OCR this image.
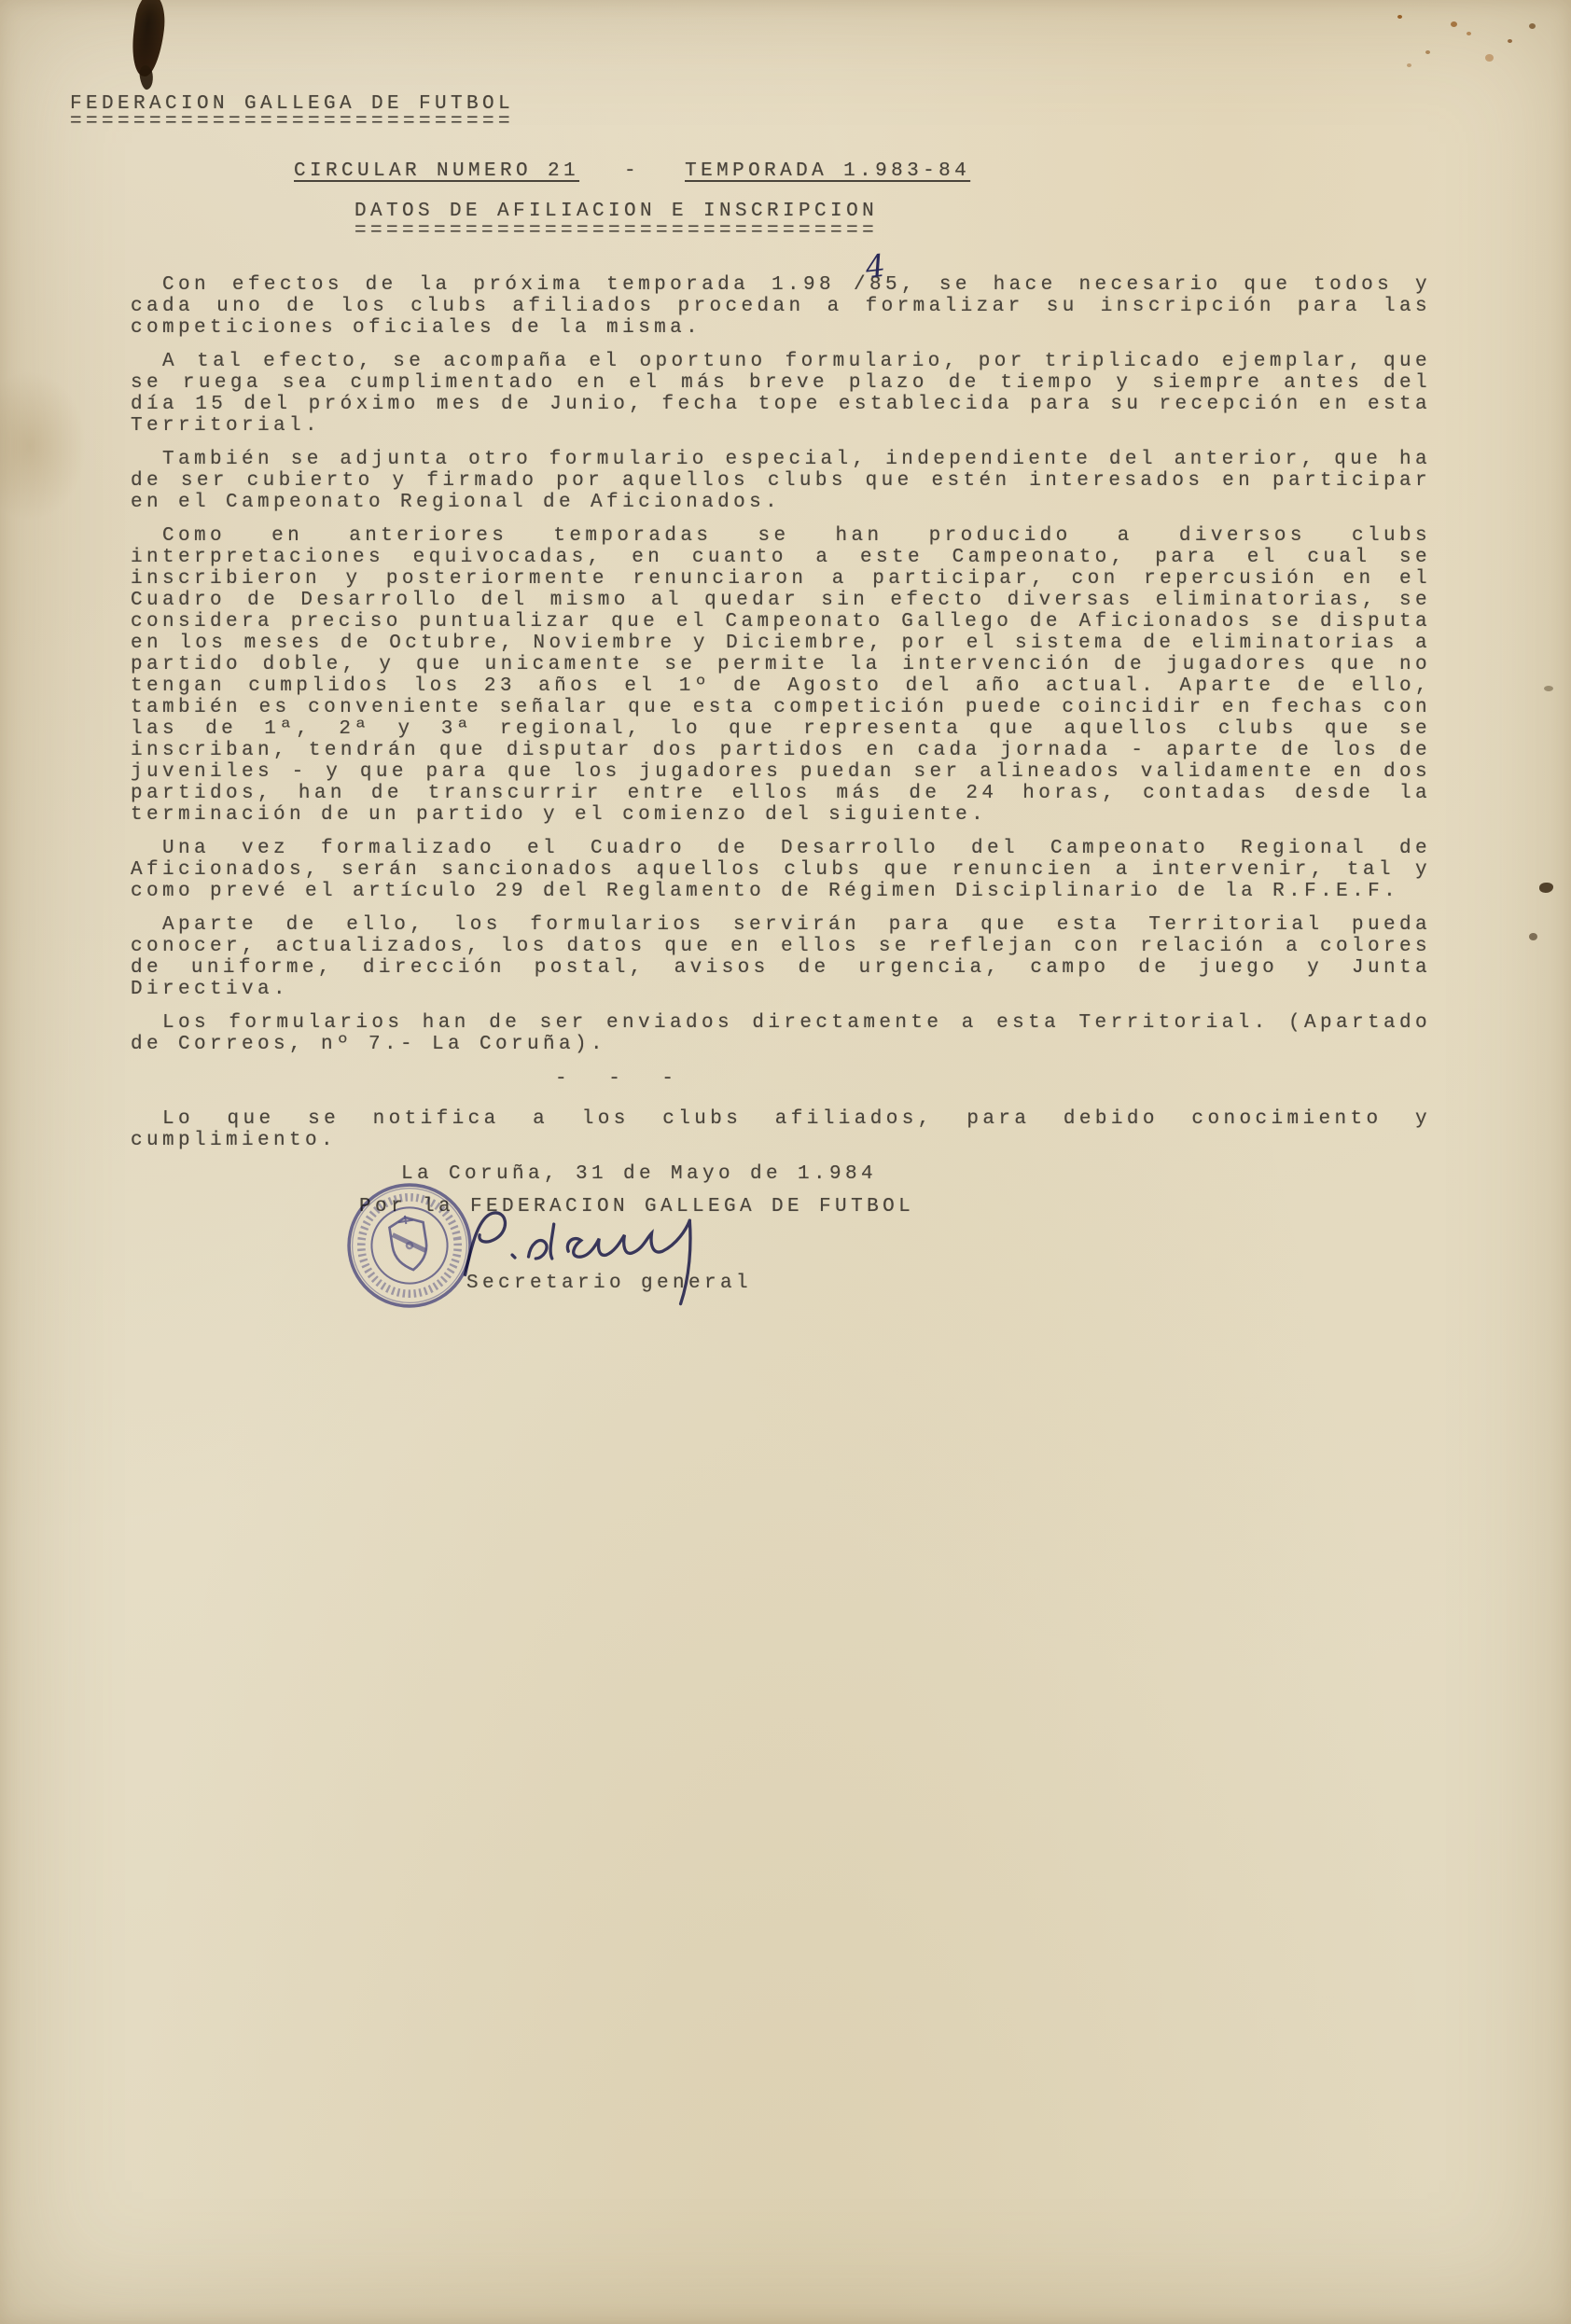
FEDERACION GALLEGA DE FUTBOL
============================
CIRCULAR NUMERO 21 - TEMPORADA 1.983-84
DATOS DE AFILIACION E INSCRIPCION
=================================

Con efectos de la próxima temporada 1.98 4/85, se hace necesario que todos y cada uno de los clubs afiliados procedan a formalizar su inscripción para las competiciones oficiales de la misma.

A tal efecto, se acompaña el oportuno formulario, por triplicado ejemplar, que se ruega sea cumplimentado en el más breve plazo de tiempo y siempre antes del día 15 del próximo mes de Junio, fecha tope establecida para su recepción en esta Territorial.

También se adjunta otro formulario especial, independiente del anterior, que ha de ser cubierto y firmado por aquellos clubs que estén interesados en participar en el Campeonato Regional de Aficionados.

Como en anteriores temporadas se han producido a diversos clubs interpretaciones equivocadas, en cuanto a este Campeonato, para el cual se inscribieron y posteriormente renunciaron a participar, con repercusión en el Cuadro de Desarrollo del mismo al quedar sin efecto diversas eliminatorias, se considera preciso puntualizar que el Campeonato Gallego de Aficionados se disputa en los meses de Octubre, Noviembre y Diciembre, por el sistema de eliminatorias a partido doble, y que unicamente se permite la intervención de jugadores que no tengan cumplidos los 23 años el 1º de Agosto del año actual. Aparte de ello, también es conveniente señalar que esta competición puede coincidir en fechas con las de 1ª, 2ª y 3ª regional, lo que representa que aquellos clubs que se inscriban, tendrán que disputar dos partidos en cada jornada - aparte de los de juveniles - y que para que los jugadores puedan ser alineados validamente en dos partidos, han de transcurrir entre ellos más de 24 horas, contadas desde la terminación de un partido y el comienzo del siguiente.

Una vez formalizado el Cuadro de Desarrollo del Campeonato Regional de Aficionados, serán sancionados aquellos clubs que renuncien a intervenir, tal y como prevé el artículo 29 del Reglamento de Régimen Disciplinario de la R.F.E.F.

Aparte de ello, los formularios servirán para que esta Territorial pueda conocer, actualizados, los datos que en ellos se reflejan con relación a colores de uniforme, dirección postal, avisos de urgencia, campo de juego y Junta Directiva.

Los formularios han de ser enviados directamente a esta Territorial. (Apartado de Correos, nº 7.- La Coruña).

- - -

Lo que se notifica a los clubs afiliados, para debido conocimiento y cumplimiento.

La Coruña, 31 de Mayo de 1.984
Por la FEDERACION GALLEGA DE FUTBOL
Secretario general
